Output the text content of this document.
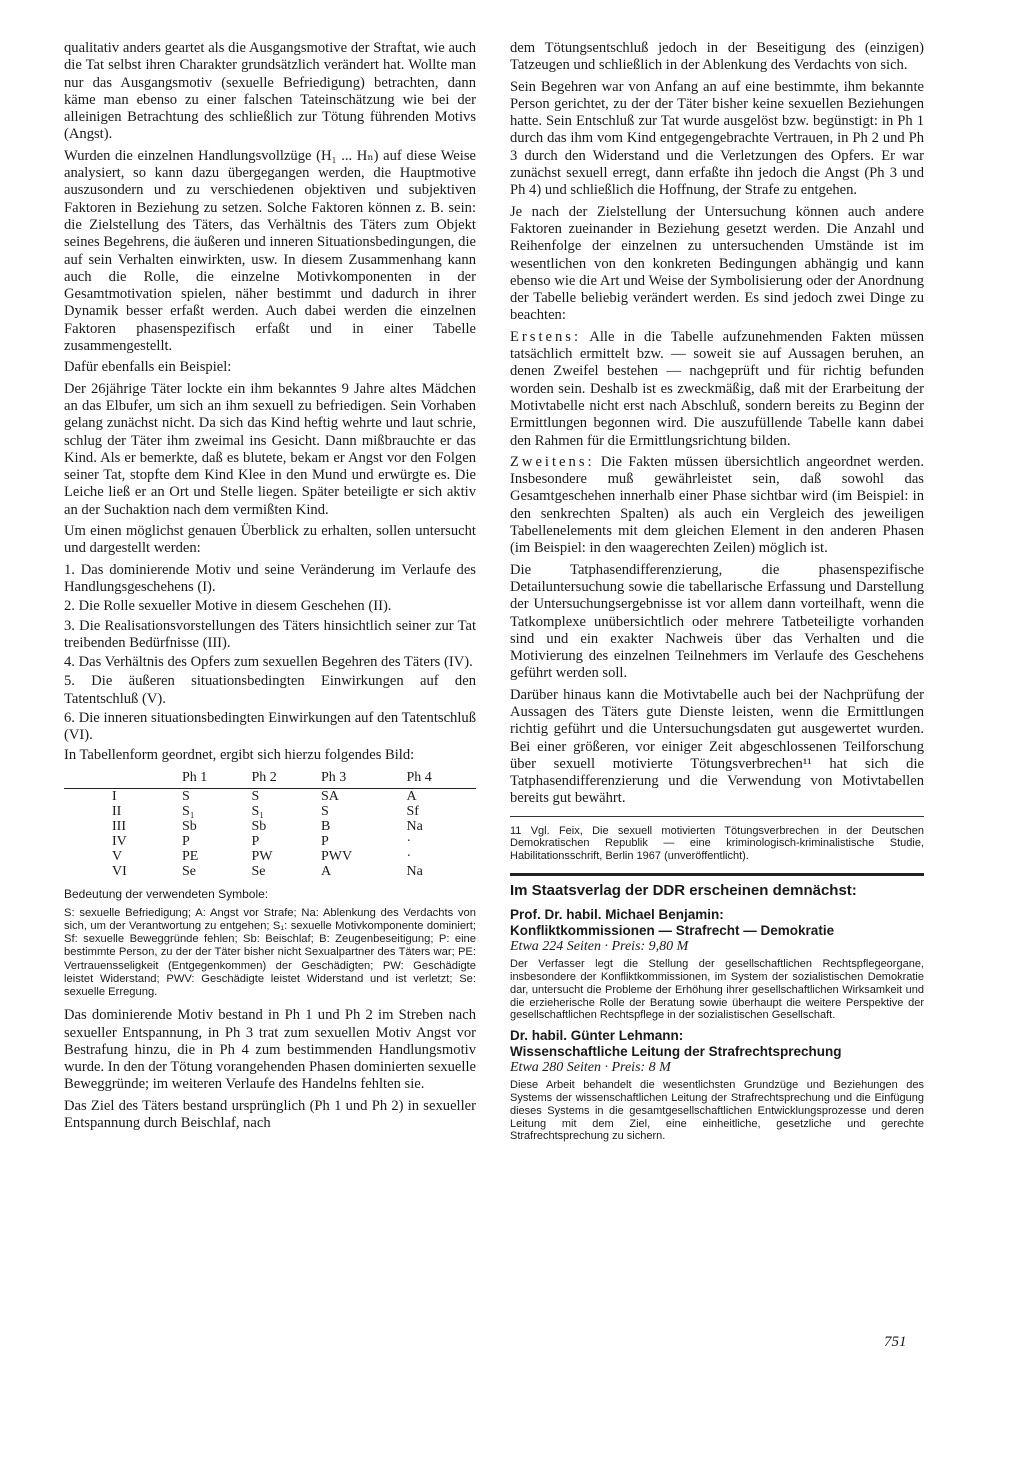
qualitativ anders geartet als die Ausgangsmotive der Straftat, wie auch die Tat selbst ihren Charakter grundsätzlich verändert hat. Wollte man nur das Ausgangsmotiv (sexuelle Befriedigung) betrachten, dann käme man ebenso zu einer falschen Tateinschätzung wie bei der alleinigen Betrachtung des schließlich zur Tötung führenden Motivs (Angst).

Wurden die einzelnen Handlungsvollzüge (H₁ ... Hₙ) auf diese Weise analysiert, so kann dazu übergegangen werden, die Hauptmotive auszusondern und zu verschiedenen objektiven und subjektiven Faktoren in Beziehung zu setzen. Solche Faktoren können z. B. sein: die Zielstellung des Täters, das Verhältnis des Täters zum Objekt seines Begehrens, die äußeren und inneren Situationsbedingungen, die auf sein Verhalten einwirkten, usw. In diesem Zusammenhang kann auch die Rolle, die einzelne Motivkomponenten in der Gesamtmotivation spielen, näher bestimmt und dadurch in ihrer Dynamik besser erfaßt werden. Auch dabei werden die einzelnen Faktoren phasenspezifisch erfaßt und in einer Tabelle zusammengestellt.

Dafür ebenfalls ein Beispiel:

Der 26jährige Täter lockte ein ihm bekanntes 9 Jahre altes Mädchen an das Elbufer, um sich an ihm sexuell zu befriedigen. Sein Vorhaben gelang zunächst nicht. Da sich das Kind heftig wehrte und laut schrie, schlug der Täter ihm zweimal ins Gesicht. Dann mißbrauchte er das Kind. Als er bemerkte, daß es blutete, bekam er Angst vor den Folgen seiner Tat, stopfte dem Kind Klee in den Mund und erwürgte es. Die Leiche ließ er an Ort und Stelle liegen. Später beteiligte er sich aktiv an der Suchaktion nach dem vermißten Kind.

Um einen möglichst genauen Überblick zu erhalten, sollen untersucht und dargestellt werden:

1. Das dominierende Motiv und seine Veränderung im Verlaufe des Handlungsgeschehens (I).

2. Die Rolle sexueller Motive in diesem Geschehen (II).

3. Die Realisationsvorstellungen des Täters hinsichtlich seiner zur Tat treibenden Bedürfnisse (III).

4. Das Verhältnis des Opfers zum sexuellen Begehren des Täters (IV).

5. Die äußeren situationsbedingten Einwirkungen auf den Tatentschluß (V).

6. Die inneren situationsbedingten Einwirkungen auf den Tatentschluß (VI).

In Tabellenform geordnet, ergibt sich hierzu folgendes Bild:

	Ph 1	Ph 2	Ph 3	Ph 4
I	S	S	SA	A
II	S₁	S₁	S	Sf
III	Sb	Sb	B	Na
IV	P	P	P	·
V	PE	PW	PWV	·
VI	Se	Se	A	Na

Bedeutung der verwendeten Symbole:

S: sexuelle Befriedigung; A: Angst vor Strafe; Na: Ablenkung des Verdachts von sich, um der Verantwortung zu entgehen; S₁: sexuelle Motivkomponente dominiert; Sf: sexuelle Beweggründe fehlen; Sb: Beischlaf; B: Zeugenbeseitigung; P: eine bestimmte Person, zu der der Täter bisher nicht Sexualpartner des Täters war; PE: Vertrauensseligkeit (Entgegenkommen) der Geschädigten; PW: Geschädigte leistet Widerstand; PWV: Geschädigte leistet Widerstand und ist verletzt; Se: sexuelle Erregung.

Das dominierende Motiv bestand in Ph 1 und Ph 2 im Streben nach sexueller Entspannung, in Ph 3 trat zum sexuellen Motiv Angst vor Bestrafung hinzu, die in Ph 4 zum bestimmenden Handlungsmotiv wurde. In den der Tötung vorangehenden Phasen dominierten sexuelle Beweggründe; im weiteren Verlaufe des Handelns fehlten sie.

Das Ziel des Täters bestand ursprünglich (Ph 1 und Ph 2) in sexueller Entspannung durch Beischlaf, nach

dem Tötungsentschluß jedoch in der Beseitigung des (einzigen) Tatzeugen und schließlich in der Ablenkung des Verdachts von sich.

Sein Begehren war von Anfang an auf eine bestimmte, ihm bekannte Person gerichtet, zu der der Täter bisher keine sexuellen Beziehungen hatte. Sein Entschluß zur Tat wurde ausgelöst bzw. begünstigt: in Ph 1 durch das ihm vom Kind entgegengebrachte Vertrauen, in Ph 2 und Ph 3 durch den Widerstand und die Verletzungen des Opfers. Er war zunächst sexuell erregt, dann erfaßte ihn jedoch die Angst (Ph 3 und Ph 4) und schließlich die Hoffnung, der Strafe zu entgehen.

Je nach der Zielstellung der Untersuchung können auch andere Faktoren zueinander in Beziehung gesetzt werden. Die Anzahl und Reihenfolge der einzelnen zu untersuchenden Umstände ist im wesentlichen von den konkreten Bedingungen abhängig und kann ebenso wie die Art und Weise der Symbolisierung oder der Anordnung der Tabelle beliebig verändert werden. Es sind jedoch zwei Dinge zu beachten:

Erstens: Alle in die Tabelle aufzunehmenden Fakten müssen tatsächlich ermittelt bzw. — soweit sie auf Aussagen beruhen, an denen Zweifel bestehen — nachgeprüft und für richtig befunden worden sein. Deshalb ist es zweckmäßig, daß mit der Erarbeitung der Motivtabelle nicht erst nach Abschluß, sondern bereits zu Beginn der Ermittlungen begonnen wird. Die auszufüllende Tabelle kann dabei den Rahmen für die Ermittlungsrichtung bilden.

Zweitens: Die Fakten müssen übersichtlich angeordnet werden. Insbesondere muß gewährleistet sein, daß sowohl das Gesamtgeschehen innerhalb einer Phase sichtbar wird (im Beispiel: in den senkrechten Spalten) als auch ein Vergleich des jeweiligen Tabellenelements mit dem gleichen Element in den anderen Phasen (im Beispiel: in den waagerechten Zeilen) möglich ist.

Die Tatphasendifferenzierung, die phasenspezifische Detailuntersuchung sowie die tabellarische Erfassung und Darstellung der Untersuchungsergebnisse ist vor allem dann vorteilhaft, wenn die Tatkomplexe unübersichtlich oder mehrere Tatbeteiligte vorhanden sind und ein exakter Nachweis über das Verhalten und die Motivierung des einzelnen Teilnehmers im Verlaufe des Geschehens geführt werden soll.

Darüber hinaus kann die Motivtabelle auch bei der Nachprüfung der Aussagen des Täters gute Dienste leisten, wenn die Ermittlungen richtig geführt und die Untersuchungsdaten gut ausgewertet wurden. Bei einer größeren, vor einiger Zeit abgeschlossenen Teilforschung über sexuell motivierte Tötungsverbrechen¹¹ hat sich die Tatphasendifferenzierung und die Verwendung von Motivtabellen bereits gut bewährt.

11 Vgl. Feix, Die sexuell motivierten Tötungsverbrechen in der Deutschen Demokratischen Republik — eine kriminologisch-kriminalistische Studie, Habilitationsschrift, Berlin 1967 (unveröffentlicht).

Im Staatsverlag der DDR erscheinen demnächst:

Prof. Dr. habil. Michael Benjamin:

Konfliktkommissionen — Strafrecht — Demokratie

Etwa 224 Seiten · Preis: 9,80 M

Der Verfasser legt die Stellung der gesellschaftlichen Rechtspflegeorgane, insbesondere der Konfliktkommissionen, im System der sozialistischen Demokratie dar, untersucht die Probleme der Erhöhung ihrer gesellschaftlichen Wirksamkeit und die erzieherische Rolle der Beratung sowie überhaupt die weitere Perspektive der gesellschaftlichen Rechtspflege in der sozialistischen Gesellschaft.

Dr. habil. Günter Lehmann:

Wissenschaftliche Leitung der Strafrechtsprechung

Etwa 280 Seiten · Preis: 8 M

Diese Arbeit behandelt die wesentlichsten Grundzüge und Beziehungen des Systems der wissenschaftlichen Leitung der Strafrechtsprechung und die Einfügung dieses Systems in die gesamtgesellschaftlichen Entwicklungsprozesse und deren Leitung mit dem Ziel, eine einheitliche, gesetzliche und gerechte Strafrechtsprechung zu sichern.

751
